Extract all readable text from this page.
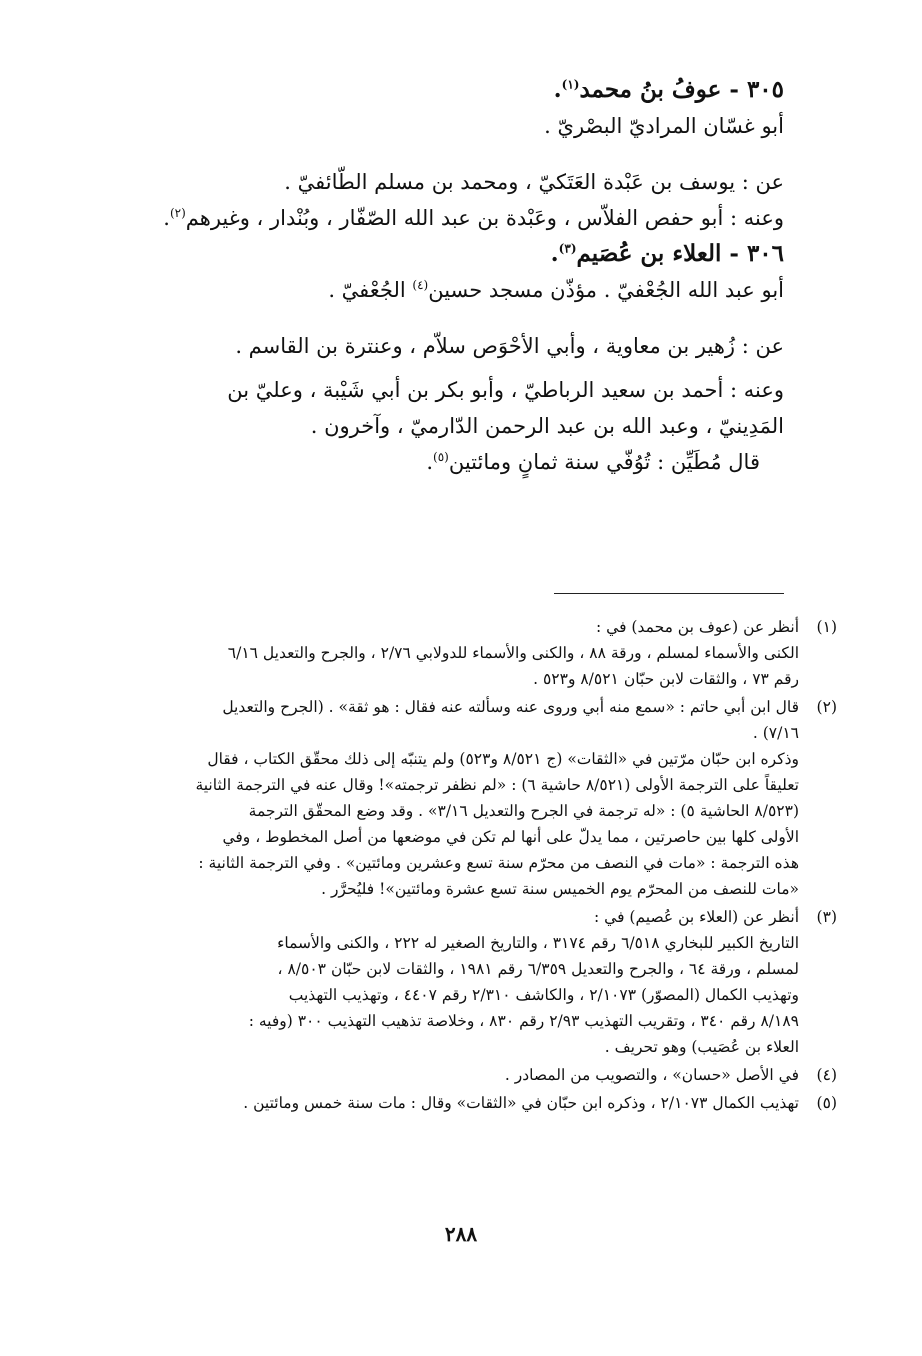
٣٠٥ - عوفُ بنُ محمد$^{(١)}$.
أبو غسّان المراديّ البصْريّ .
عن : يوسف بن عَبْدة العَتَكيّ ، ومحمد بن مسلم الطّائفيّ .
وعنه : أبو حفص الفلاّس ، وعَبْدة بن عبد الله الصّفّار ، وبُنْدار ، وغيرهم$^{(٢)}$.
٣٠٦ - العلاء بن عُصَيم$^{(٣)}$.
أبو عبد الله الجُعْفيّ . مؤذّن مسجد حسين$^{(٤)}$ الجُعْفيّ .
عن : زُهير بن معاوية ، وأبي الأحْوَص سلاّم ، وعنترة بن القاسم .
وعنه : أحمد بن سعيد الرباطيّ ، وأبو بكر بن أبي شَيْبة ، وعليّ بن
المَدِينيّ ، وعبد الله بن عبد الرحمن الدّارميّ ، وآخرون .
قال مُطَيِّن : تُوُفّي سنة ثمانٍ ومائتين$^{(٥)}$.
(١)
أنظر عن (عوف بن محمد) في :
الكنى والأسماء لمسلم ، ورقة ٨٨ ، والكنى والأسماء للدولابي ٢/٧٦ ، والجرح والتعديل ٦/١٦
رقم ٧٣ ، والثقات لابن حبّان ٨/٥٢١ و٥٢٣ .
(٢)
قال ابن أبي حاتم : «سمع منه أبي وروى عنه وسألته عنه فقال : هو ثقة» . (الجرح والتعديل
٧/١٦) .
وذكره ابن حبّان مرّتين في «الثقات» (ج ٨/٥٢١ و٥٢٣) ولم يتنبّه إلى ذلك محقّق الكتاب ، فقال
تعليقاً على الترجمة الأولى (٨/٥٢١ حاشية ٦) : «لم نظفر ترجمته»! وقال عنه في الترجمة الثانية
(٨/٥٢٣ الحاشية ٥) : «له ترجمة في الجرح والتعديل ٣/١٦» . وقد وضع المحقّق الترجمة
الأولى كلها بين حاصرتين ، مما يدلّ على أنها لم تكن في موضعها من أصل المخطوط ، وفي
هذه الترجمة : «مات في النصف من محرّم سنة تسع وعشرين ومائتين» . وفي الترجمة الثانية :
«مات للنصف من المحرّم يوم الخميس سنة تسع عشرة ومائتين»! فليُحرَّر .
(٣)
أنظر عن (العلاء بن عُصيم) في :
التاريخ الكبير للبخاري ٦/٥١٨ رقم ٣١٧٤ ، والتاريخ الصغير له ٢٢٢ ، والكنى والأسماء
لمسلم ، ورقة ٦٤ ، والجرح والتعديل ٦/٣٥٩ رقم ١٩٨١ ، والثقات لابن حبّان ٨/٥٠٣ ،
وتهذيب الكمال (المصوّر) ٢/١٠٧٣ ، والكاشف ٢/٣١٠ رقم ٤٤٠٧ ، وتهذيب التهذيب
٨/١٨٩ رقم ٣٤٠ ، وتقريب التهذيب ٢/٩٣ رقم ٨٣٠ ، وخلاصة تذهيب التهذيب ٣٠٠ (وفيه :
العلاء بن عُصَيب) وهو تحريف .
(٤)
في الأصل «حسان» ، والتصويب من المصادر .
(٥)
تهذيب الكمال ٢/١٠٧٣ ، وذكره ابن حبّان في «الثقات» وقال : مات سنة خمس ومائتين .
٢٨٨
